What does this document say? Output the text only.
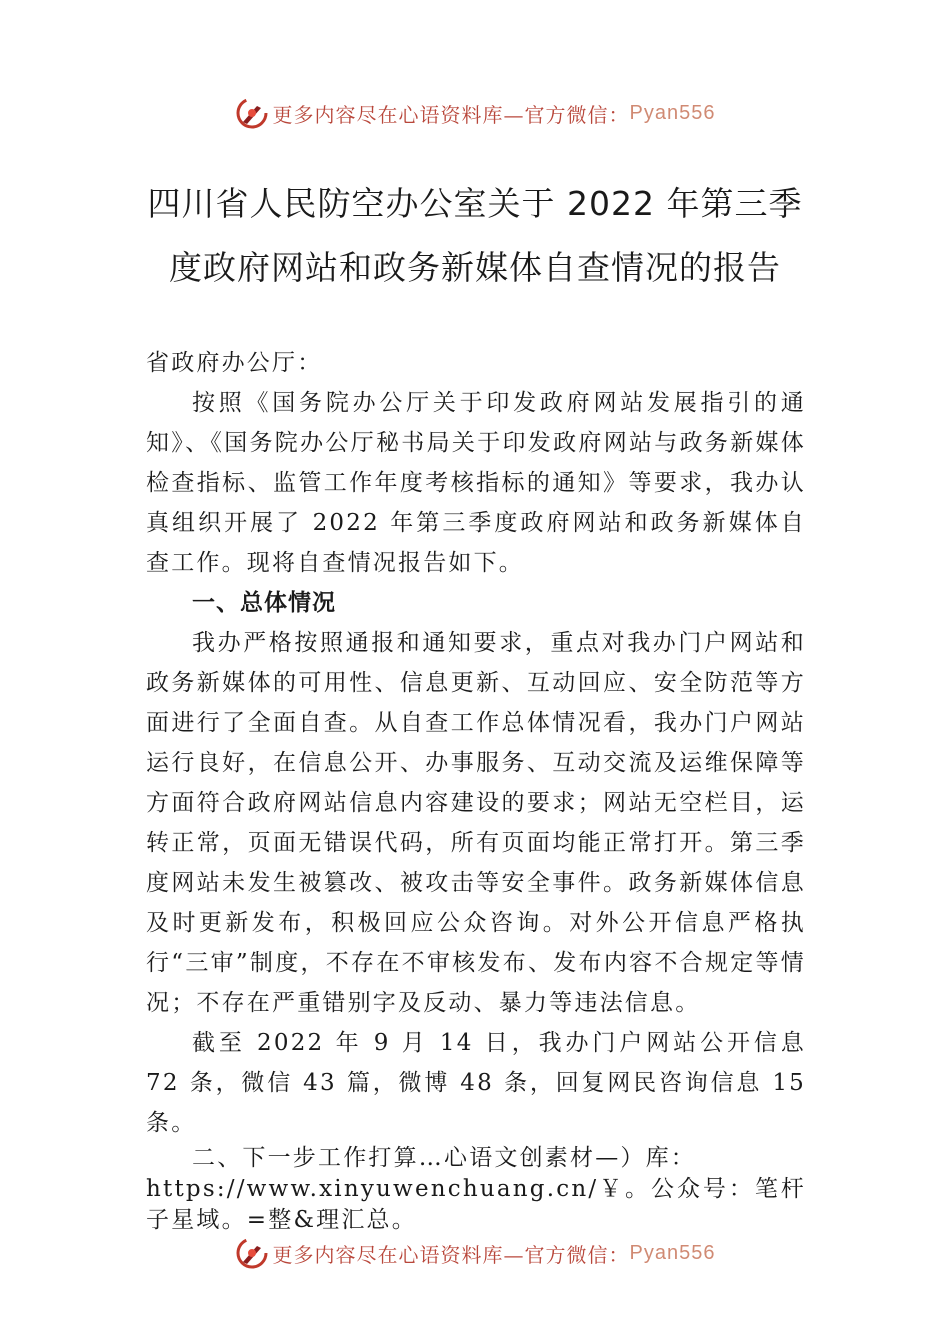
更多内容尽在心语资料库 —官方微信： Pyan556
四川省人民防空办公室关于 2022 年第三季
度政府网站和政务新媒体自查情况的报告

省政府办公厅：

按照《国务院办公厅关于印发政府网站发展指引的通知》、《国务院办公厅秘书局关于印发政府网站与政务新媒体检查指标、监管工作年度考核指标的通知》等要求，我办认真组织开展了 2022 年第三季度政府网站和政务新媒体自查工作。现将自查情况报告如下。

一、总体情况

我办严格按照通报和通知要求，重点对我办门户网站和政务新媒体的可用性、信息更新、互动回应、安全防范等方面进行了全面自查。从自查工作总体情况看，我办门户网站运行良好，在信息公开、办事服务、互动交流及运维保障等方面符合政府网站信息内容建设的要求；网站无空栏目，运转正常，页面无错误代码，所有页面均能正常打开。第三季度网站未发生被篡改、被攻击等安全事件。政务新媒体信息及时更新发布，积极回应公众咨询。对外公开信息严格执行“三审”制度，不存在不审核发布、发布内容不合规定等情况；不存在严重错别字及反动、暴力等违法信息。

截至 2022 年 9 月 14 日，我办门户网站公开信息 72 条，微信 43 篇，微博 48 条，回复网民咨询信息 15 条。

二、下一步工作打算…心语文创素材—）库：
https://www.xinyuwenchuang.cn/￥。公众号：笔杆子星域。=整&理汇总。

更多内容尽在心语资料库 —官方微信： Pyan556
